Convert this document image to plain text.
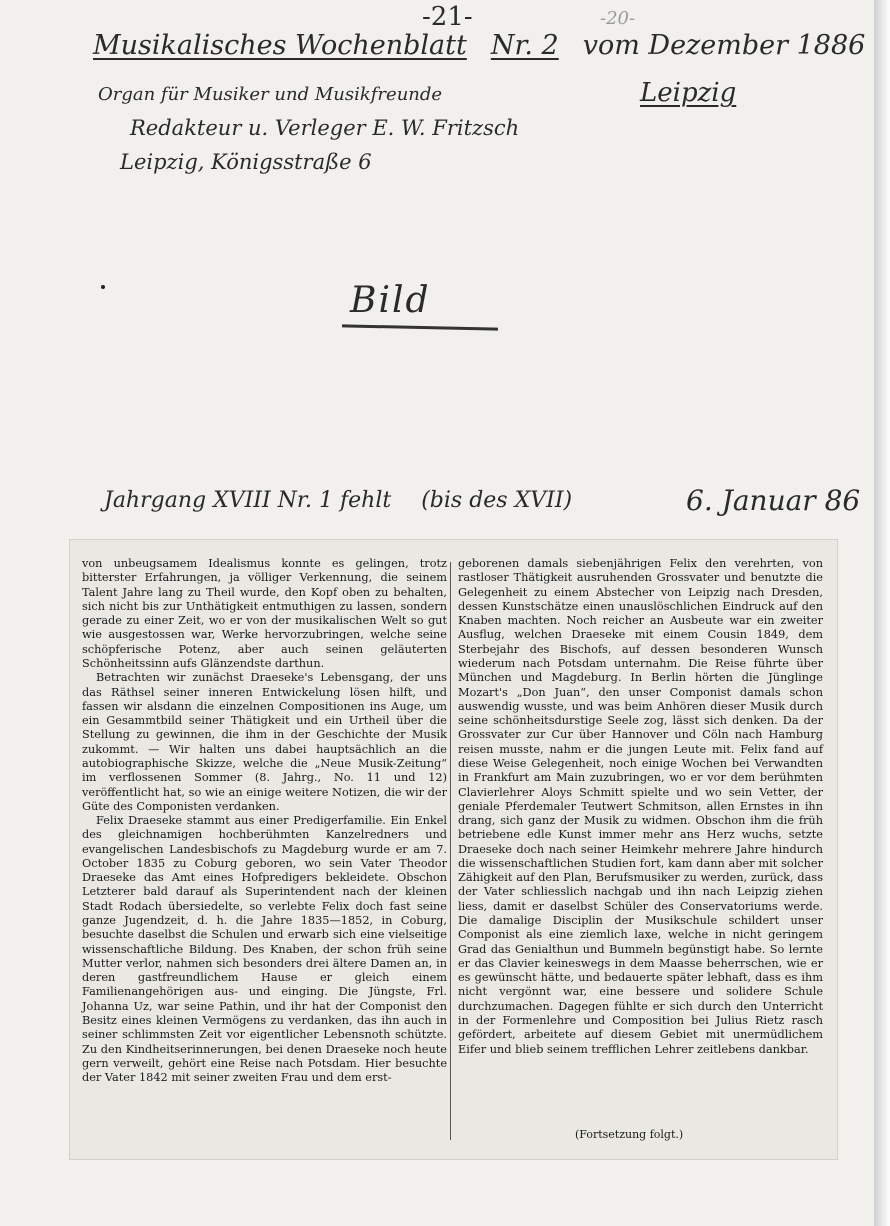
-21-	-20-

Musikalisches Wochenblatt Nr. 2 vom Dezember 1886

Leipzig

Organ für Musiker und Musikfreunde

Redakteur u. Verleger E. W. Fritzsch

Leipzig, Königsstraße 6

Bild

Jahrgang XVIII Nr. 1 fehlt (bis des XVII)	6. Januar 86

von unbeugsamem Idealismus konnte es gelingen, trotz bitterster Erfahrungen, ja völliger Verkennung, die seinem Talent Jahre lang zu Theil wurde, den Kopf oben zu behalten, sich nicht bis zur Unthätigkeit entmuthigen zu lassen, sondern gerade zu einer Zeit, wo er von der musikalischen Welt so gut wie ausgestossen war, Werke hervorzubringen, welche seine schöpferische Potenz, aber auch seinen geläuterten Schönheitssinn aufs Glänzendste darthun.

Betrachten wir zunächst Draeseke's Lebensgang, der uns das Räthsel seiner inneren Entwickelung lösen hilft, und fassen wir alsdann die einzelnen Compositionen ins Auge, um ein Gesammtbild seiner Thätigkeit und ein Urtheil über die Stellung zu gewinnen, die ihm in der Geschichte der Musik zukommt. — Wir halten uns dabei hauptsächlich an die autobiographische Skizze, welche die „Neue Musik-Zeitung“ im verflossenen Sommer (8. Jahrg., No. 11 und 12) veröffentlicht hat, so wie an einige weitere Notizen, die wir der Güte des Componisten verdanken.

Felix Draeseke stammt aus einer Predigerfamilie. Ein Enkel des gleichnamigen hochberühmten Kanzelredners und evangelischen Landesbischofs zu Magdeburg wurde er am 7. October 1835 zu Coburg geboren, wo sein Vater Theodor Draeseke das Amt eines Hofpredigers bekleidete. Obschon Letzterer bald darauf als Superintendent nach der kleinen Stadt Rodach übersiedelte, so verlebte Felix doch fast seine ganze Jugendzeit, d. h. die Jahre 1835—1852, in Coburg, besuchte daselbst die Schulen und erwarb sich eine vielseitige wissenschaftliche Bildung. Des Knaben, der schon früh seine Mutter verlor, nahmen sich besonders drei ältere Damen an, in deren gastfreundlichem Hause er gleich einem Familienangehörigen aus- und einging. Die Jüngste, Frl. Johanna Uz, war seine Pathin, und ihr hat der Componist den Besitz eines kleinen Vermögens zu verdanken, das ihn auch in seiner schlimmsten Zeit vor eigentlicher Lebensnoth schützte. Zu den Kindheitserinnerungen, bei denen Draeseke noch heute gern verweilt, gehört eine Reise nach Potsdam. Hier besuchte der Vater 1842 mit seiner zweiten Frau und dem erst-

geborenen damals siebenjährigen Felix den verehrten, von rastloser Thätigkeit ausruhenden Grossvater und benutzte die Gelegenheit zu einem Abstecher von Leipzig nach Dresden, dessen Kunstschätze einen unauslöschlichen Eindruck auf den Knaben machten. Noch reicher an Ausbeute war ein zweiter Ausflug, welchen Draeseke mit einem Cousin 1849, dem Sterbejahr des Bischofs, auf dessen besonderen Wunsch wiederum nach Potsdam unternahm. Die Reise führte über München und Magdeburg. In Berlin hörten die Jünglinge Mozart's „Don Juan“, den unser Componist damals schon auswendig wusste, und was beim Anhören dieser Musik durch seine schönheitsdurstige Seele zog, lässt sich denken. Da der Grossvater zur Cur über Hannover und Cöln nach Hamburg reisen musste, nahm er die jungen Leute mit. Felix fand auf diese Weise Gelegenheit, noch einige Wochen bei Verwandten in Frankfurt am Main zuzubringen, wo er vor dem berühmten Clavierlehrer Aloys Schmitt spielte und wo sein Vetter, der geniale Pferdemaler Teutwert Schmitson, allen Ernstes in ihn drang, sich ganz der Musik zu widmen. Obschon ihm die früh betriebene edle Kunst immer mehr ans Herz wuchs, setzte Draeseke doch nach seiner Heimkehr mehrere Jahre hindurch die wissenschaftlichen Studien fort, kam dann aber mit solcher Zähigkeit auf den Plan, Berufsmusiker zu werden, zurück, dass der Vater schliesslich nachgab und ihn nach Leipzig ziehen liess, damit er daselbst Schüler des Conservatoriums werde. Die damalige Disciplin der Musikschule schildert unser Componist als eine ziemlich laxe, welche in nicht geringem Grad das Genialthun und Bummeln begünstigt habe. So lernte er das Clavier keineswegs in dem Maasse beherrschen, wie er es gewünscht hätte, und bedauerte später lebhaft, dass es ihm nicht vergönnt war, eine bessere und solidere Schule durchzumachen. Dagegen fühlte er sich durch den Unterricht in der Formenlehre und Composition bei Julius Rietz rasch gefördert, arbeitete auf diesem Gebiet mit unermüdlichem Eifer und blieb seinem trefflichen Lehrer zeitlebens dankbar.

(Fortsetzung folgt.)
